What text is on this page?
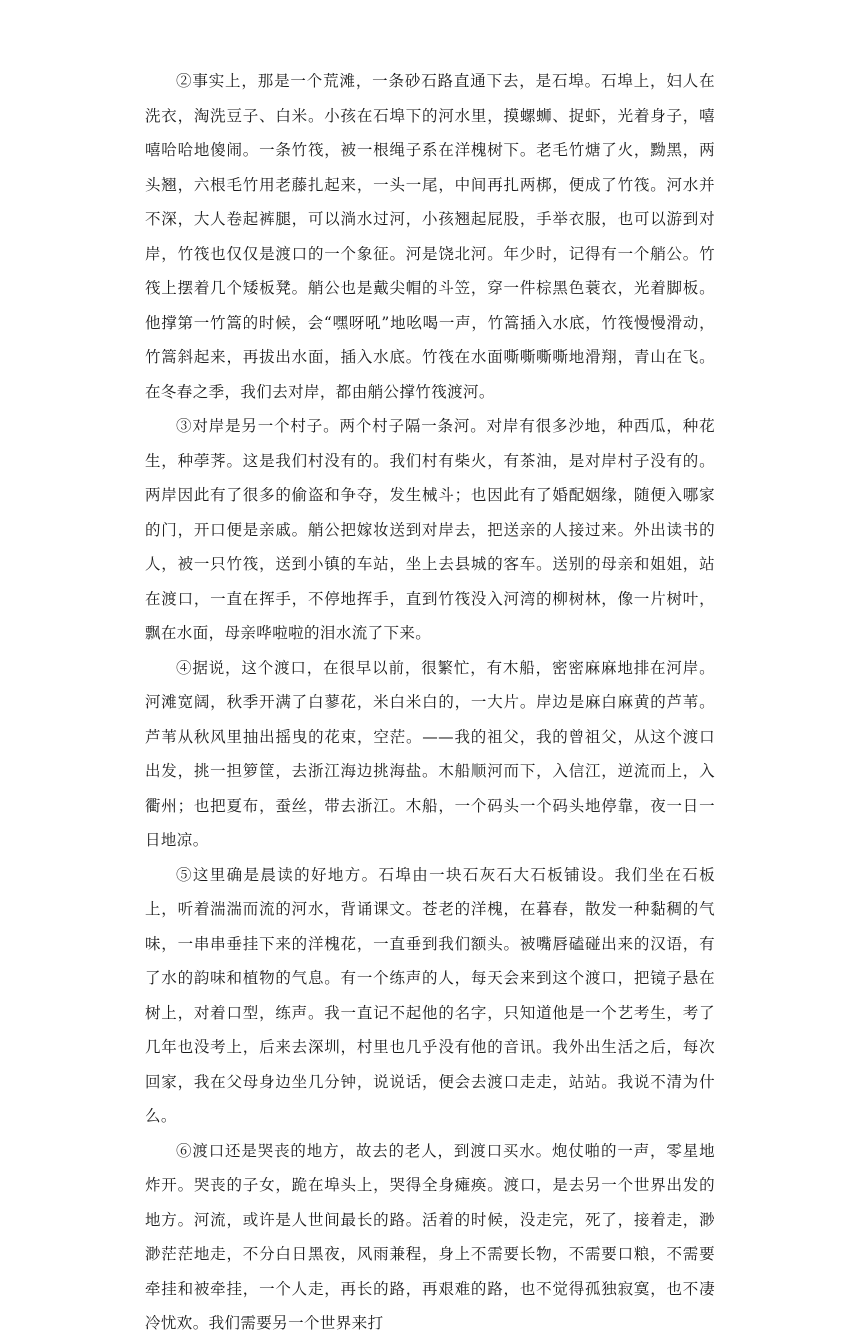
②事实上，那是一个荒滩，一条砂石路直通下去，是石埠。石埠上，妇人在洗衣，淘洗豆子、白米。小孩在石埠下的河水里，摸螺蛳、捉虾，光着身子，嘻嘻哈哈地傻闹。一条竹筏，被一根绳子系在洋槐树下。老毛竹煻了火，黝黑，两头翘，六根毛竹用老藤扎起来，一头一尾，中间再扎两梆，便成了竹筏。河水并不深，大人卷起裤腿，可以淌水过河，小孩翘起屁股，手举衣服，也可以游到对岸，竹筏也仅仅是渡口的一个象征。河是饶北河。年少时，记得有一个艄公。竹筏上摆着几个矮板凳。艄公也是戴尖帽的斗笠，穿一件棕黑色蓑衣，光着脚板。他撑第一竹篙的时候，会“嘿呀吼”地吆喝一声，竹篙插入水底，竹筏慢慢滑动，竹篙斜起来，再拔出水面，插入水底。竹筏在水面嘶嘶嘶嘶地滑翔，青山在飞。在冬春之季，我们去对岸，都由艄公撑竹筏渡河。

③对岸是另一个村子。两个村子隔一条河。对岸有很多沙地，种西瓜，种花生，种荸荠。这是我们村没有的。我们村有柴火，有茶油，是对岸村子没有的。两岸因此有了很多的偷盗和争夺，发生械斗；也因此有了婚配姻缘，随便入哪家的门，开口便是亲戚。艄公把嫁妆送到对岸去，把送亲的人接过来。外出读书的人，被一只竹筏，送到小镇的车站，坐上去县城的客车。送别的母亲和姐姐，站在渡口，一直在挥手，不停地挥手，直到竹筏没入河湾的柳树林，像一片树叶，飘在水面，母亲哗啦啦的泪水流了下来。

④据说，这个渡口，在很早以前，很繁忙，有木船，密密麻麻地排在河岸。河滩宽阔，秋季开满了白蓼花，米白米白的，一大片。岸边是麻白麻黄的芦苇。芦苇从秋风里抽出摇曳的花束，空茫。——我的祖父，我的曾祖父，从这个渡口出发，挑一担箩筐，去浙江海边挑海盐。木船顺河而下，入信江，逆流而上，入衢州；也把夏布，蚕丝，带去浙江。木船，一个码头一个码头地停靠，夜一日一日地凉。

⑤这里确是晨读的好地方。石埠由一块石灰石大石板铺设。我们坐在石板上，听着湍湍而流的河水，背诵课文。苍老的洋槐，在暮春，散发一种黏稠的气味，一串串垂挂下来的洋槐花，一直垂到我们额头。被嘴唇磕碰出来的汉语，有了水的韵味和植物的气息。有一个练声的人，每天会来到这个渡口，把镜子悬在树上，对着口型，练声。我一直记不起他的名字，只知道他是一个艺考生，考了几年也没考上，后来去深圳，村里也几乎没有他的音讯。我外出生活之后，每次回家，我在父母身边坐几分钟，说说话，便会去渡口走走，站站。我说不清为什么。

⑥渡口还是哭丧的地方，故去的老人，到渡口买水。炮仗啪的一声，零星地炸开。哭丧的子女，跪在埠头上，哭得全身瘫痪。渡口，是去另一个世界出发的地方。河流，或许是人世间最长的路。活着的时候，没走完，死了，接着走，渺渺茫茫地走，不分白日黑夜，风雨兼程，身上不需要长物，不需要口粮，不需要牵挂和被牵挂，一个人走，再长的路，再艰难的路，也不觉得孤独寂寞，也不凄冷忧欢。我们需要另一个世界来打
